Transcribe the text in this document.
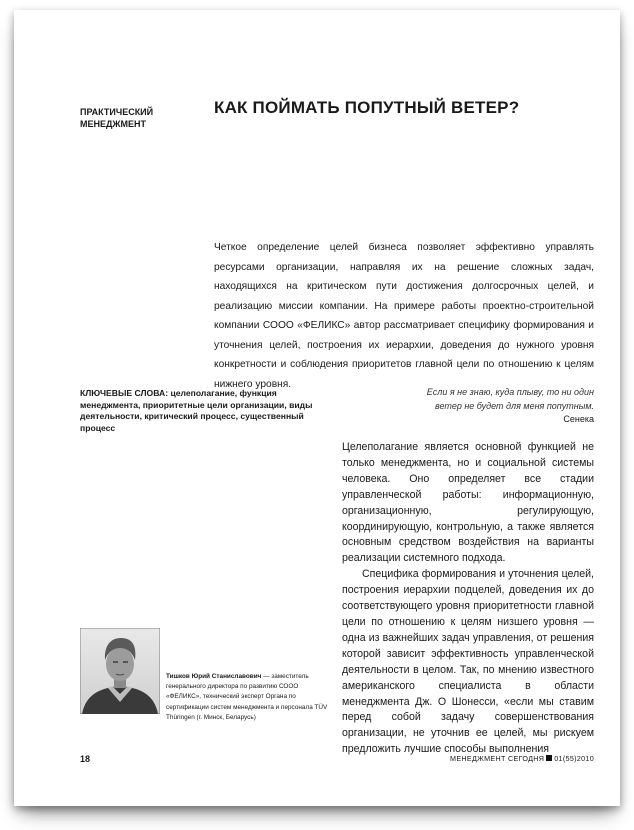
ПРАКТИЧЕСКИЙ
МЕНЕДЖМЕНТ
КАК ПОЙМАТЬ ПОПУТНЫЙ ВЕТЕР?

Четкое определение целей бизнеса позволяет эффективно управлять ресурсами организации, направляя их на решение сложных задач, находящихся на критическом пути достижения долгосрочных целей, и реализацию миссии компании. На примере работы проектно-строительной компании СООО «ФЕЛИКС» автор рассматривает специфику формирования и уточнения целей, построения их иерархии, доведения до нужного уровня конкретности и соблюдения приоритетов главной цели по отношению к целям нижнего уровня.

КЛЮЧЕВЫЕ СЛОВА: целеполагание, функция менеджмента, приоритетные цели организации, виды деятельности, критический процесс, существенный процесс
Если я не знаю, куда плыву, то ни один
ветер не будет для меня попутным.
Сенека

Целеполагание является основной функцией не только менеджмента, но и социальной системы человека. Оно определяет все стадии управленческой работы: информационную, организационную, регулирующую, координирующую, контрольную, а также является основным средством воздействия на варианты реализации системного подхода.

Специфика формирования и уточнения целей, построения иерархии подцелей, доведения их до соответствующего уровня приоритетности главной цели по отношению к целям низшего уровня — одна из важнейших задач управления, от решения которой зависит эффективность управленческой деятельности в целом. Так, по мнению известного американского специалиста в области менеджмента Дж. О Шонесси, «если мы ставим перед собой задачу совершенствования организации, не уточнив ее целей, мы рискуем предложить лучшие способы выполнения

Тишков Юрий Станиславович — заместитель генерального директора по развитию СООО «ФЕЛИКС», технический эксперт Органа по сертификации систем менеджмента и персонала TÜV Thüringen (г. Минск, Беларусь)
18	МЕНЕДЖМЕНТ СЕГОДНЯ 01(55)2010
